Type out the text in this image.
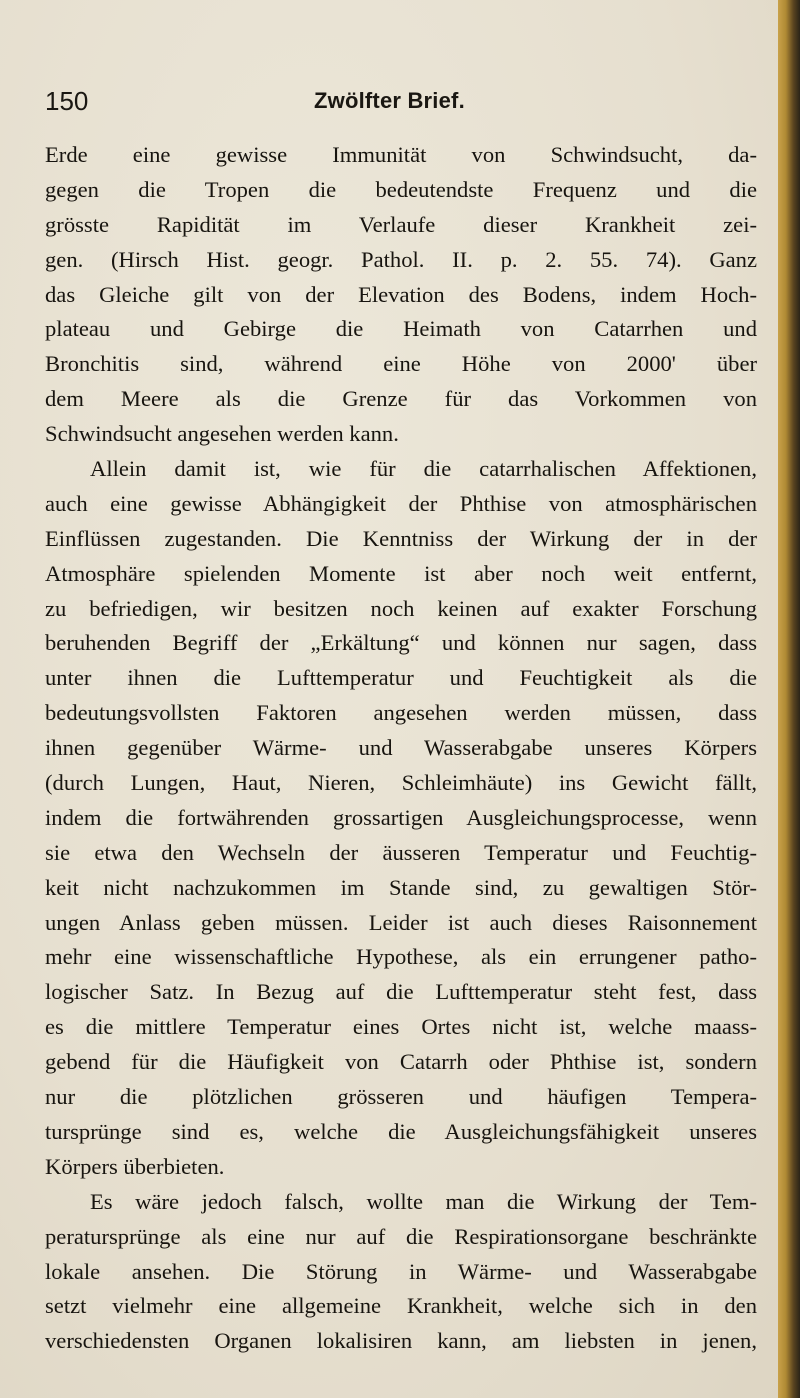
150	Zwölfter Brief.
Erde eine gewisse Immunität von Schwindsucht, da-
gegen die Tropen die bedeutendste Frequenz und die
grösste Rapidität im Verlaufe dieser Krankheit zei-
gen. (Hirsch Hist. geogr. Pathol. II. p. 2. 55. 74). Ganz
das Gleiche gilt von der Elevation des Bodens, indem Hoch-
plateau und Gebirge die Heimath von Catarrhen und
Bronchitis sind, während eine Höhe von 2000' über
dem Meere als die Grenze für das Vorkommen von
Schwindsucht angesehen werden kann.
Allein damit ist, wie für die catarrhalischen Affektionen,
auch eine gewisse Abhängigkeit der Phthise von atmosphärischen
Einflüssen zugestanden. Die Kenntniss der Wirkung der in der
Atmosphäre spielenden Momente ist aber noch weit entfernt,
zu befriedigen, wir besitzen noch keinen auf exakter Forschung
beruhenden Begriff der „Erkältung“ und können nur sagen, dass
unter ihnen die Lufttemperatur und Feuchtigkeit als die
bedeutungsvollsten Faktoren angesehen werden müssen, dass
ihnen gegenüber Wärme- und Wasserabgabe unseres Körpers
(durch Lungen, Haut, Nieren, Schleimhäute) ins Gewicht fällt,
indem die fortwährenden grossartigen Ausgleichungsprocesse, wenn
sie etwa den Wechseln der äusseren Temperatur und Feuchtig-
keit nicht nachzukommen im Stande sind, zu gewaltigen Stör-
ungen Anlass geben müssen. Leider ist auch dieses Raisonnement
mehr eine wissenschaftliche Hypothese, als ein errungener patho-
logischer Satz. In Bezug auf die Lufttemperatur steht fest, dass
es die mittlere Temperatur eines Ortes nicht ist, welche maass-
gebend für die Häufigkeit von Catarrh oder Phthise ist, sondern
nur die plötzlichen grösseren und häufigen Tempera-
tursprünge sind es, welche die Ausgleichungsfähigkeit unseres
Körpers überbieten.
Es wäre jedoch falsch, wollte man die Wirkung der Tem-
peratursprünge als eine nur auf die Respirationsorgane beschränkte
lokale ansehen. Die Störung in Wärme- und Wasserabgabe
setzt vielmehr eine allgemeine Krankheit, welche sich in den
verschiedensten Organen lokalisiren kann, am liebsten in jenen,
